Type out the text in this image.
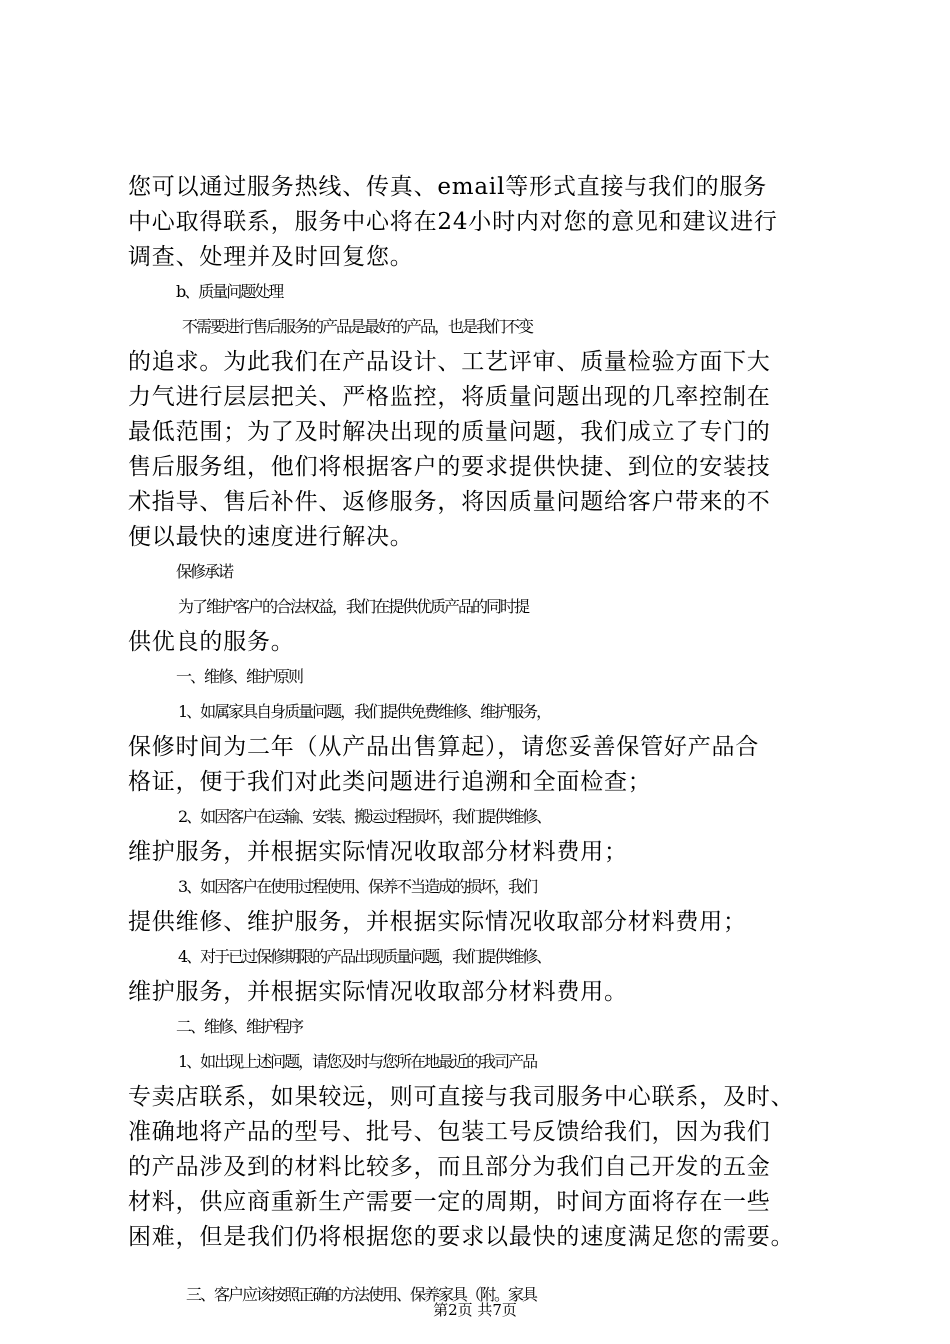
您可以通过服务热线、传真、email等形式直接与我们的服务
中心取得联系，服务中心将在24小时内对您的意见和建议进行
调查、处理并及时回复您。
b、质量问题处理
不需要进行售后服务的产品是最好的产品，也是我们不变
的追求。为此我们在产品设计、工艺评审、质量检验方面下大
力气进行层层把关、严格监控，将质量问题出现的几率控制在
最低范围；为了及时解决出现的质量问题，我们成立了专门的
售后服务组，他们将根据客户的要求提供快捷、到位的安装技
术指导、售后补件、返修服务，将因质量问题给客户带来的不
便以最快的速度进行解决。
保修承诺
为了维护客户的合法权益，我们在提供优质产品的同时提
供优良的服务。
一、维修、维护原则
1、如属家具自身质量问题，我们提供免费维修、维护服务，
保修时间为二年（从产品出售算起），请您妥善保管好产品合
格证，便于我们对此类问题进行追溯和全面检查；
2、如因客户在运输、安装、搬运过程损坏，我们提供维修、
维护服务，并根据实际情况收取部分材料费用；
3、如因客户在使用过程使用、保养不当造成的损坏，我们
提供维修、维护服务，并根据实际情况收取部分材料费用；
4、对于已过保修期限的产品出现质量问题，我们提供维修、
维护服务，并根据实际情况收取部分材料费用。
二、维修、维护程序
1、如出现上述问题，请您及时与您所在地最近的我司产品
专卖店联系，如果较远，则可直接与我司服务中心联系，及时、
准确地将产品的型号、批号、包装工号反馈给我们，因为我们
的产品涉及到的材料比较多，而且部分为我们自己开发的五金
材料，供应商重新生产需要一定的周期，时间方面将存在一些
困难，但是我们仍将根据您的要求以最快的速度满足您的需要。
三、客户应该按照正确的方法使用、保养家具（附。家具
第2页 共7页
